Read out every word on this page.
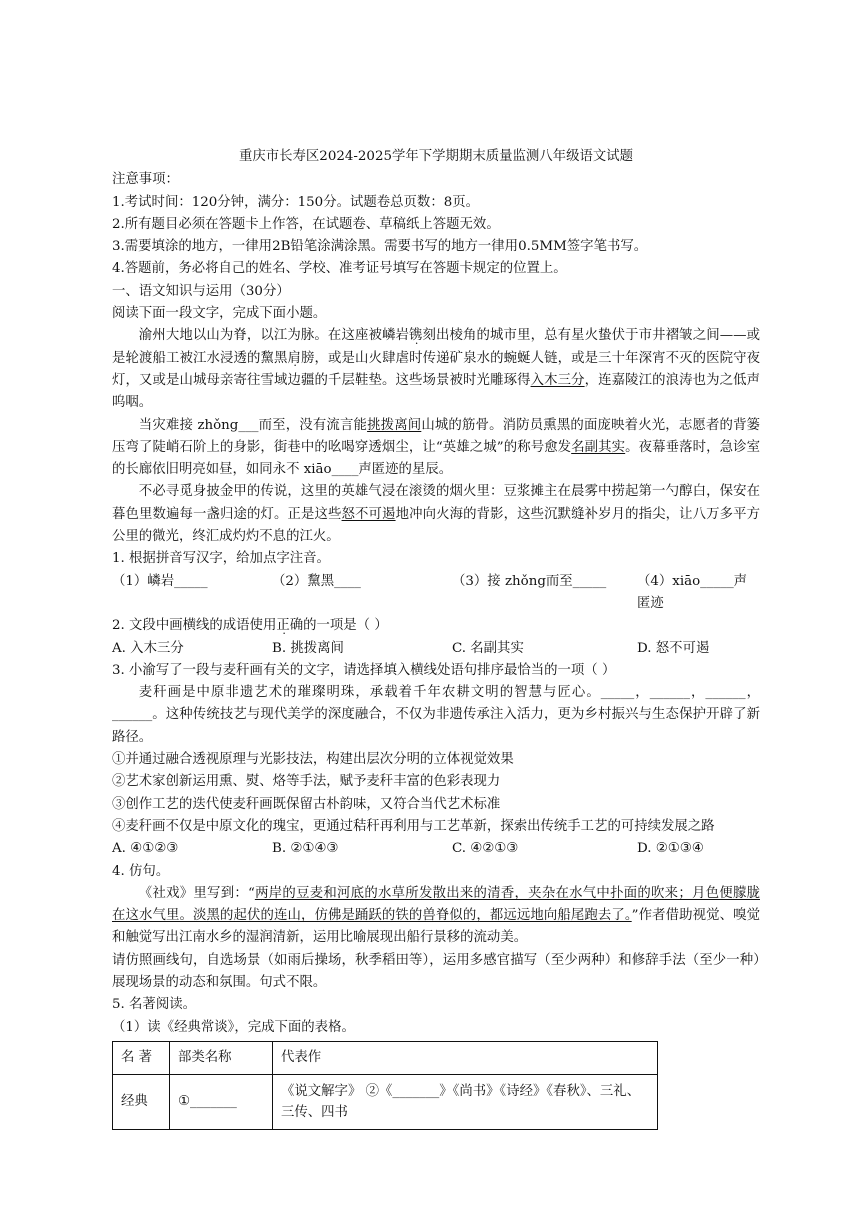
重庆市长寿区2024-2025学年下学期期末质量监测八年级语文试题
注意事项：
1.考试时间：120分钟，满分：150分。试题卷总页数：8页。
2.所有题目必须在答题卡上作答，在试题卷、草稿纸上答题无效。
3.需要填涂的地方，一律用2B铅笔涂满涂黑。需要书写的地方一律用0.5MM签字笔书写。
4.答题前，务必将自己的姓名、学校、准考证号填写在答题卡规定的位置上。
一、语文知识与运用（30分）
阅读下面一段文字，完成下面小题。
渝州大地以山为脊，以江为脉。在这座被嶙 .岩镌刻出棱角的城市里，总有星火蛰伏于市井褶皱之间——或是轮渡船工被江水浸透的黧 .黑肩膀，或是山火肆虐时传递矿泉水的蜿蜒人链，或是三十年深宵不灭的医院守夜灯，又或是山城母亲寄往雪域边疆的千层鞋垫。这些场景被时光雕琢得入木三分，连嘉陵江的浪涛也为之低声呜咽。
当灾难接 zhǒng___而至，没有流言能挑拨离间山城的筋骨。消防员熏黑的面庞映着火光，志愿者的背篓压弯了陡峭石阶上的身影，街巷中的吆喝穿透烟尘，让“英雄之城”的称号愈发名副其实。夜幕垂落时，急诊室的长廊依旧明亮如昼，如同永不 xiāo____声匿迹的星辰。
不必寻觅身披金甲的传说，这里的英雄气浸在滚烫的烟火里：豆浆摊主在晨雾中捞起第一勺醇白，保安在暮色里数遍每一盏归途的灯。正是这些怒不可遏地冲向火海的背影，这些沉默缝补岁月的指尖，让八万多平方公里的微光，终汇成灼灼不息的江火。
1. 根据拼音写汉字，给加点字注音。
（1）嶙岩_____	（2）黧黑____	（3）接 zhǒng而至_____	（4）xiāo_____声匿迹
2. 文段中画横线的成语使用正确的一项是（ ）
A. 入木三分	B. 挑拨离间	C. 名副其实	D. 怒不可遏
3. 小渝写了一段与麦秆画有关的文字，请选择填入横线处语句排序最恰当的一项（ ）
麦秆画是中原非遗艺术的璀璨明珠，承载着千年农耕文明的智慧与匠心。_____，______，______，______。这种传统技艺与现代美学的深度融合，不仅为非遗传承注入活力，更为乡村振兴与生态保护开辟了新路径。
①并通过融合透视原理与光影技法，构建出层次分明的立体视觉效果
②艺术家创新运用熏、熨、烙等手法，赋予麦秆丰富的色彩表现力
③创作工艺的迭代使麦秆画既保留古朴韵味，又符合当代艺术标准
④麦秆画不仅是中原文化的瑰宝，更通过秸秆再利用与工艺革新，探索出传统手工艺的可持续发展之路
A. ④①②③	B. ②①④③	C. ④②①③	D. ②①③④
4. 仿句。
《社戏》里写到：“两岸的豆麦和河底的水草所发散出来的清香，夹杂在水气中扑面的吹来；月色便朦胧在这水气里。淡黑的起伏的连山，仿佛是踊跃的铁的兽脊似的，都远远地向船尾跑去了。”作者借助视觉、嗅觉和触觉写出江南水乡的湿润清新，运用比喻展现出船行景移的流动美。
请仿照画线句，自选场景（如雨后操场，秋季稻田等），运用多感官描写（至少两种）和修辞手法（至少一种）展现场景的动态和氛围。句式不限。
5. 名著阅读。
（1）读《经典常谈》，完成下面的表格。
名 著	部类名称	代表作
经典	①_______	《说文解字》 ②《_______》《尚书》《诗经》《春秋》、三礼、三传、四书
